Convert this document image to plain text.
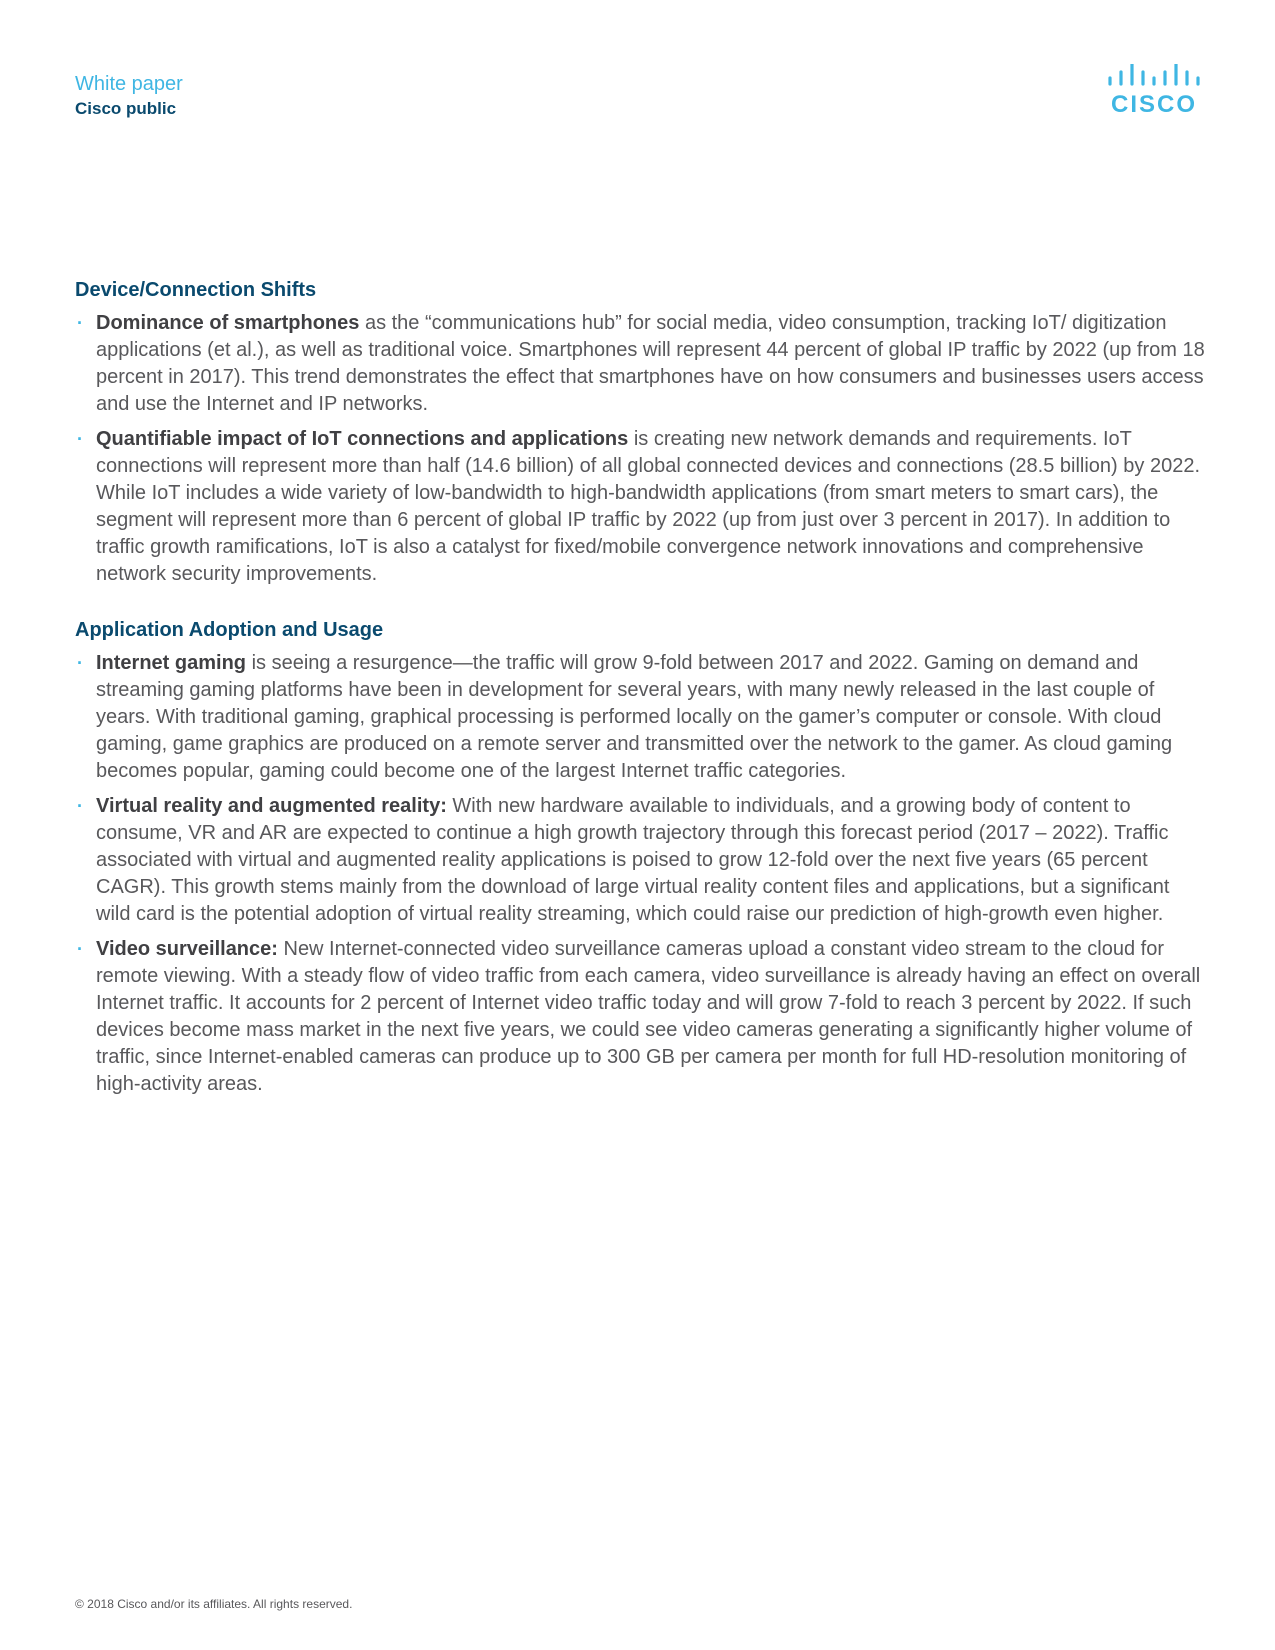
White paper
Cisco public	CISCO
Device/Connection Shifts
· Dominance of smartphones as the “communications hub” for social media, video consumption, tracking IoT/ digitization applications (et al.), as well as traditional voice. Smartphones will represent 44 percent of global IP traffic by 2022 (up from 18 percent in 2017). This trend demonstrates the effect that smartphones have on how consumers and businesses users access and use the Internet and IP networks.
· Quantifiable impact of IoT connections and applications is creating new network demands and requirements. IoT connections will represent more than half (14.6 billion) of all global connected devices and connections (28.5 billion) by 2022. While IoT includes a wide variety of low-bandwidth to high-bandwidth applications (from smart meters to smart cars), the segment will represent more than 6 percent of global IP traffic by 2022 (up from just over 3 percent in 2017). In addition to traffic growth ramifications, IoT is also a catalyst for fixed/mobile convergence network innovations and comprehensive network security improvements.
Application Adoption and Usage
· Internet gaming is seeing a resurgence—the traffic will grow 9-fold between 2017 and 2022. Gaming on demand and streaming gaming platforms have been in development for several years, with many newly released in the last couple of years. With traditional gaming, graphical processing is performed locally on the gamer’s computer or console. With cloud gaming, game graphics are produced on a remote server and transmitted over the network to the gamer. As cloud gaming becomes popular, gaming could become one of the largest Internet traffic categories.
· Virtual reality and augmented reality: With new hardware available to individuals, and a growing body of content to consume, VR and AR are expected to continue a high growth trajectory through this forecast period (2017 – 2022). Traffic associated with virtual and augmented reality applications is poised to grow 12-fold over the next five years (65 percent CAGR). This growth stems mainly from the download of large virtual reality content files and applications, but a significant wild card is the potential adoption of virtual reality streaming, which could raise our prediction of high-growth even higher.
· Video surveillance: New Internet-connected video surveillance cameras upload a constant video stream to the cloud for remote viewing. With a steady flow of video traffic from each camera, video surveillance is already having an effect on overall Internet traffic. It accounts for 2 percent of Internet video traffic today and will grow 7-fold to reach 3 percent by 2022. If such devices become mass market in the next five years, we could see video cameras generating a significantly higher volume of traffic, since Internet-enabled cameras can produce up to 300 GB per camera per month for full HD-resolution monitoring of high-activity areas.
© 2018 Cisco and/or its affiliates. All rights reserved.
